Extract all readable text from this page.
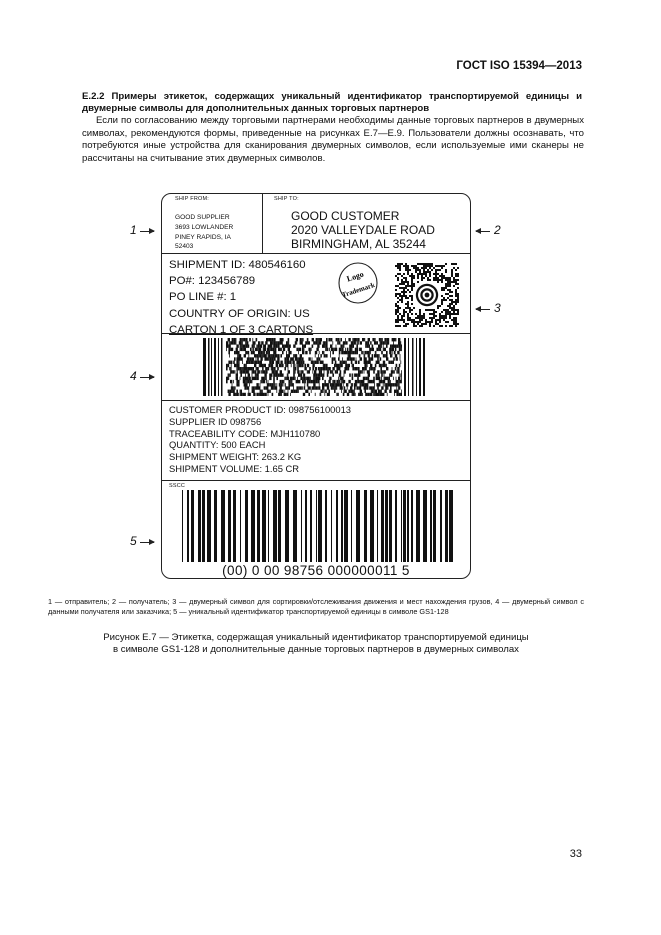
ГОСТ ISO 15394—2013
E.2.2 Примеры этикеток, содержащих уникальный идентификатор транспортируемой единицы и двумерные символы для дополнительных данных торговых партнеров
Если по согласованию между торговыми партнерами необходимы данные торговых партнеров в двумерных символах, рекомендуются формы, приведенные на рисунках E.7—E.9. Пользователи должны осознавать, что потребуются иные устройства для сканирования двумерных символов, если используемые ими сканеры не рассчитаны на считывание этих двумерных символов.
1	2
3
4
5
SHIP FROM:	SHIP TO:
GOOD SUPPLIER
3693 LOWLANDER
PINEY RAPIDS, IA
52403
GOOD CUSTOMER
2020 VALLEYDALE ROAD
BIRMINGHAM, AL 35244
SHIPMENT ID: 480546160
PO#: 123456789
PO LINE #: 1
COUNTRY OF ORIGIN: US
CARTON 1 OF 3 CARTONS
Logo
Trademark
CUSTOMER PRODUCT ID: 098756100013
SUPPLIER ID 098756
TRACEABILITY CODE: MJH110780
QUANTITY: 500 EACH
SHIPMENT WEIGHT: 263.2 KG
SHIPMENT VOLUME: 1.65 CR
SSCC
(00) 0 00 98756 000000011 5
1 — отправитель; 2 — получатель; 3 — двумерный символ для сортировки/отслеживания движения и мест нахождения грузов, 4 — двумерный символ с данными получателя или заказчика; 5 — уникальный идентификатор транспортируемой единицы в символе GS1-128
Рисунок E.7 — Этикетка, содержащая уникальный идентификатор транспортируемой единицы
в символе GS1-128 и дополнительные данные торговых партнеров в двумерных символах
33
